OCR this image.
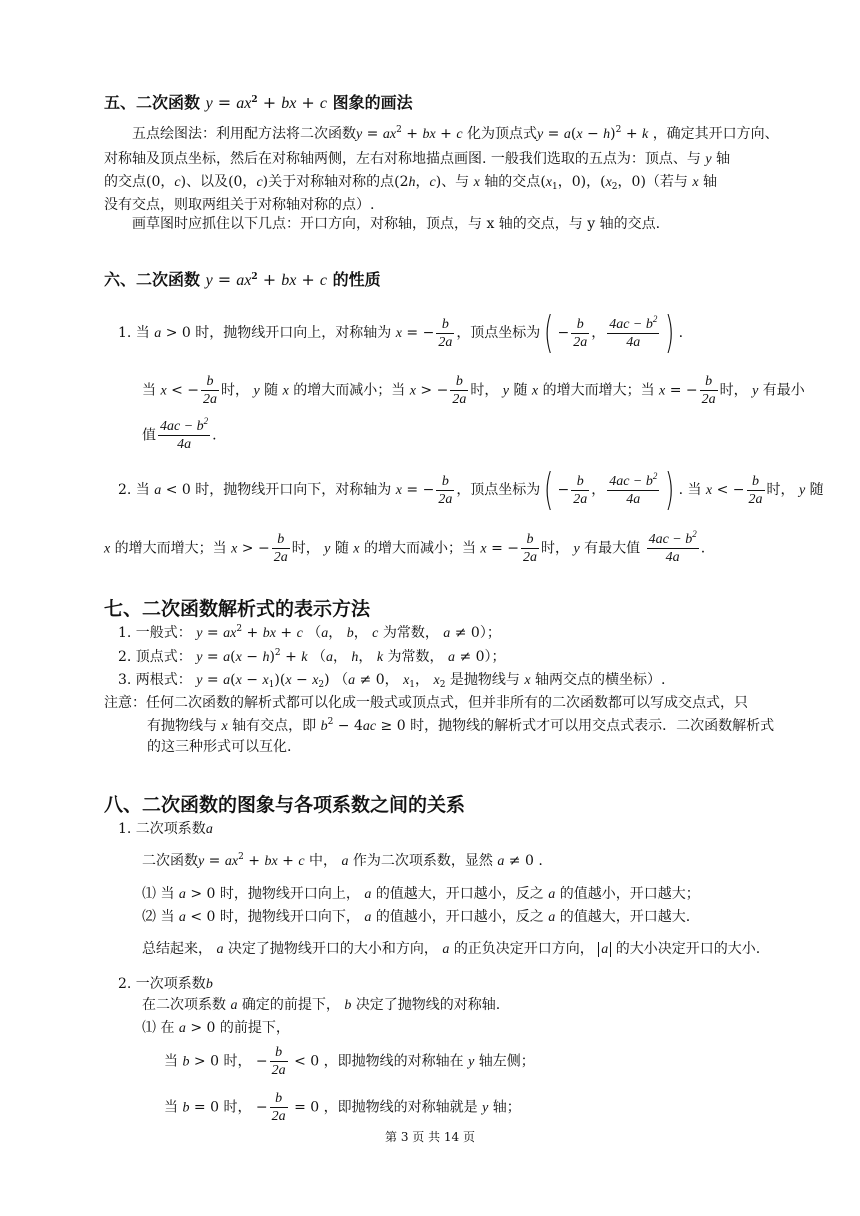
五、二次函数 $y = ax^2$ + bx + c 图象的画法
五点绘图法：利用配方法将二次函数$y = ax^2$ + bx + c 化为顶点式$y = a(x - h)^2 + k$ ，确定其开口方向、
对称轴及顶点坐标，然后在对称轴两侧，左右对称地描点画图. 一般我们选取的五点为：顶点、与 y 轴
的交点(0，c)、以及(0，c)关于对称轴对称的点(2h，c)、与 x 轴的交点($x_1$，0)，($x_2$，0)（若与 x 轴
没有交点，则取两组关于对称轴对称的点）.
画草图时应抓住以下几点：开口方向，对称轴，顶点，与 x 轴的交点，与 y 轴的交点.
六、二次函数 $y = ax^2$ + bx + c 的性质
1. 当 a > 0 时，抛物线开口向上，对称轴为 x = − $\frac{b}{2a}$ ，顶点坐标为( − $\frac{b}{2a}$ ， $\frac{4ac - b^2}{4a}$ ) .
当 x < − $\frac{b}{2a}$ 时， y 随 x 的增大而减小；当 x > − $\frac{b}{2a}$ 时， y 随 x 的增大而增大；当 x = − $\frac{b}{2a}$ 时， y 有最小
值 $\frac{4ac - b^2}{4a}$ .
2. 当 a < 0 时，抛物线开口向下，对称轴为 x = − $\frac{b}{2a}$ ，顶点坐标为( − $\frac{b}{2a}$ ， $\frac{4ac - b^2}{4a}$ ) . 当 x < − $\frac{b}{2a}$ 时， y 随
x 的增大而增大；当 x > − $\frac{b}{2a}$ 时， y 随 x 的增大而减小；当 x = − $\frac{b}{2a}$ 时， y 有最大值 $\frac{4ac - b^2}{4a}$ .
七、二次函数解析式的表示方法
1. 一般式： $y = ax^2$ + bx + c （a， b， c 为常数， a ≠ 0）；
2. 顶点式： $y = a(x - h)^2 + k$ （a， h， k 为常数， a ≠ 0）；
3. 两根式： $y = a(x - x_1)(x - x_2)$ （a ≠ 0， $x_1$， $x_2$ 是抛物线与 x 轴两交点的横坐标）.
注意：任何二次函数的解析式都可以化成一般式或顶点式，但并非所有的二次函数都可以写成交点式，只
有抛物线与 x 轴有交点，即 $b^2 - 4ac \ge 0$ 时，抛物线的解析式才可以用交点式表示．二次函数解析式
的这三种形式可以互化.
八、二次函数的图象与各项系数之间的关系
1. 二次项系数a
二次函数$y = ax^2$ + bx + c 中， a 作为二次项系数，显然 a ≠ 0 .
⑴ 当 a > 0 时，抛物线开口向上， a 的值越大，开口越小，反之 a 的值越小，开口越大；
⑵ 当 a < 0 时，抛物线开口向下， a 的值越小，开口越小，反之 a 的值越大，开口越大.
总结起来， a 决定了抛物线开口的大小和方向， a 的正负决定开口方向， a 的大小决定开口的大小.
2. 一次项系数b
在二次项系数 a 确定的前提下， b 决定了抛物线的对称轴.
⑴ 在 a > 0 的前提下，
当 b > 0 时， − $\frac{b}{2a} < 0$ ，即抛物线的对称轴在 y 轴左侧；
当 b = 0 时， − $\frac{b}{2a} = 0$ ，即抛物线的对称轴就是 y 轴；
第 3 页 共 14 页
